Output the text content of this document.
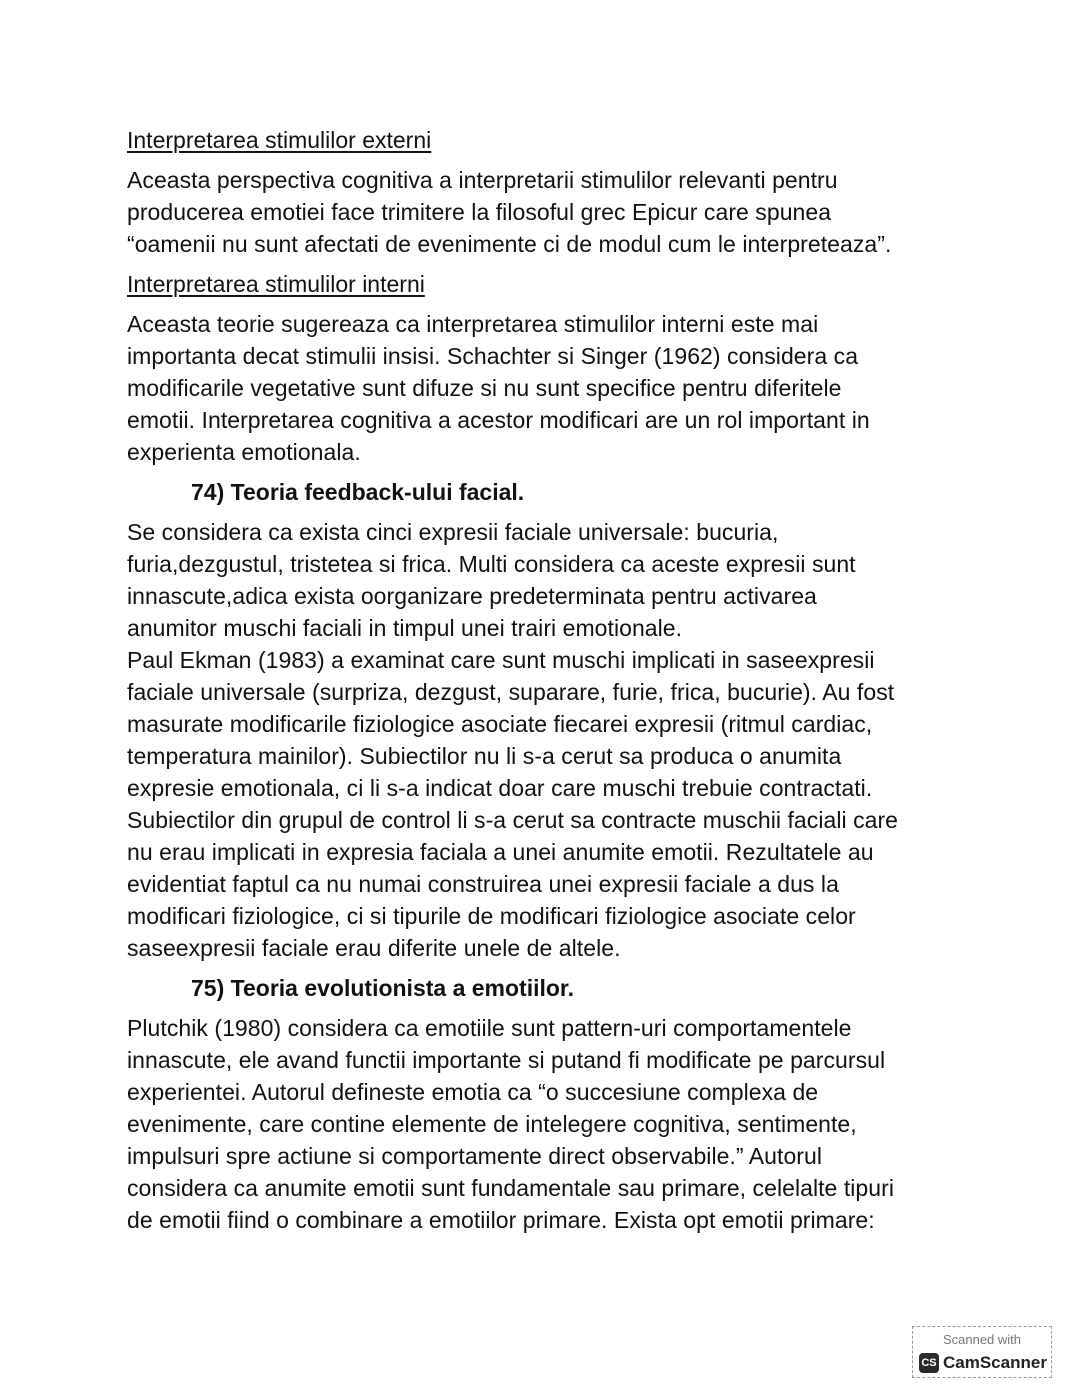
Interpretarea stimulilor externi
Aceasta perspectiva cognitiva a interpretarii stimulilor relevanti pentru
producerea emotiei face trimitere la filosoful grec Epicur care spunea
“oamenii nu sunt afectati de evenimente ci de modul cum le interpreteaza”.
Interpretarea stimulilor interni
Aceasta teorie sugereaza ca interpretarea stimulilor interni este mai
importanta decat stimulii insisi. Schachter si Singer (1962) considera ca
modificarile vegetative sunt difuze si nu sunt specifice pentru diferitele
emotii. Interpretarea cognitiva a acestor modificari are un rol important in
experienta emotionala.
74) Teoria feedback-ului facial.
Se considera ca exista cinci expresii faciale universale: bucuria,
furia,dezgustul, tristetea si frica. Multi considera ca aceste expresii sunt
innascute,adica exista oorganizare predeterminata pentru activarea
anumitor muschi faciali in timpul unei trairi emotionale.
Paul Ekman (1983) a examinat care sunt muschi implicati in saseexpresii
faciale universale (surpriza, dezgust, suparare, furie, frica, bucurie). Au fost
masurate modificarile fiziologice asociate fiecarei expresii (ritmul cardiac,
temperatura mainilor). Subiectilor nu li s-a cerut sa produca o anumita
expresie emotionala, ci li s-a indicat doar care muschi trebuie contractati.
Subiectilor din grupul de control li s-a cerut sa contracte muschii faciali care
nu erau implicati in expresia faciala a unei anumite emotii. Rezultatele au
evidentiat faptul ca nu numai construirea unei expresii faciale a dus la
modificari fiziologice, ci si tipurile de modificari fiziologice asociate celor
saseexpresii faciale erau diferite unele de altele.
75) Teoria evolutionista a emotiilor.
Plutchik (1980) considera ca emotiile sunt pattern-uri comportamentele
innascute, ele avand functii importante si putand fi modificate pe parcursul
experientei. Autorul defineste emotia ca “o succesiune complexa de
evenimente, care contine elemente de intelegere cognitiva, sentimente,
impulsuri spre actiune si comportamente direct observabile.” Autorul
considera ca anumite emotii sunt fundamentale sau primare, celelalte tipuri
de emotii fiind o combinare a emotiilor primare. Exista opt emotii primare:
Scanned with
CS CamScanner
